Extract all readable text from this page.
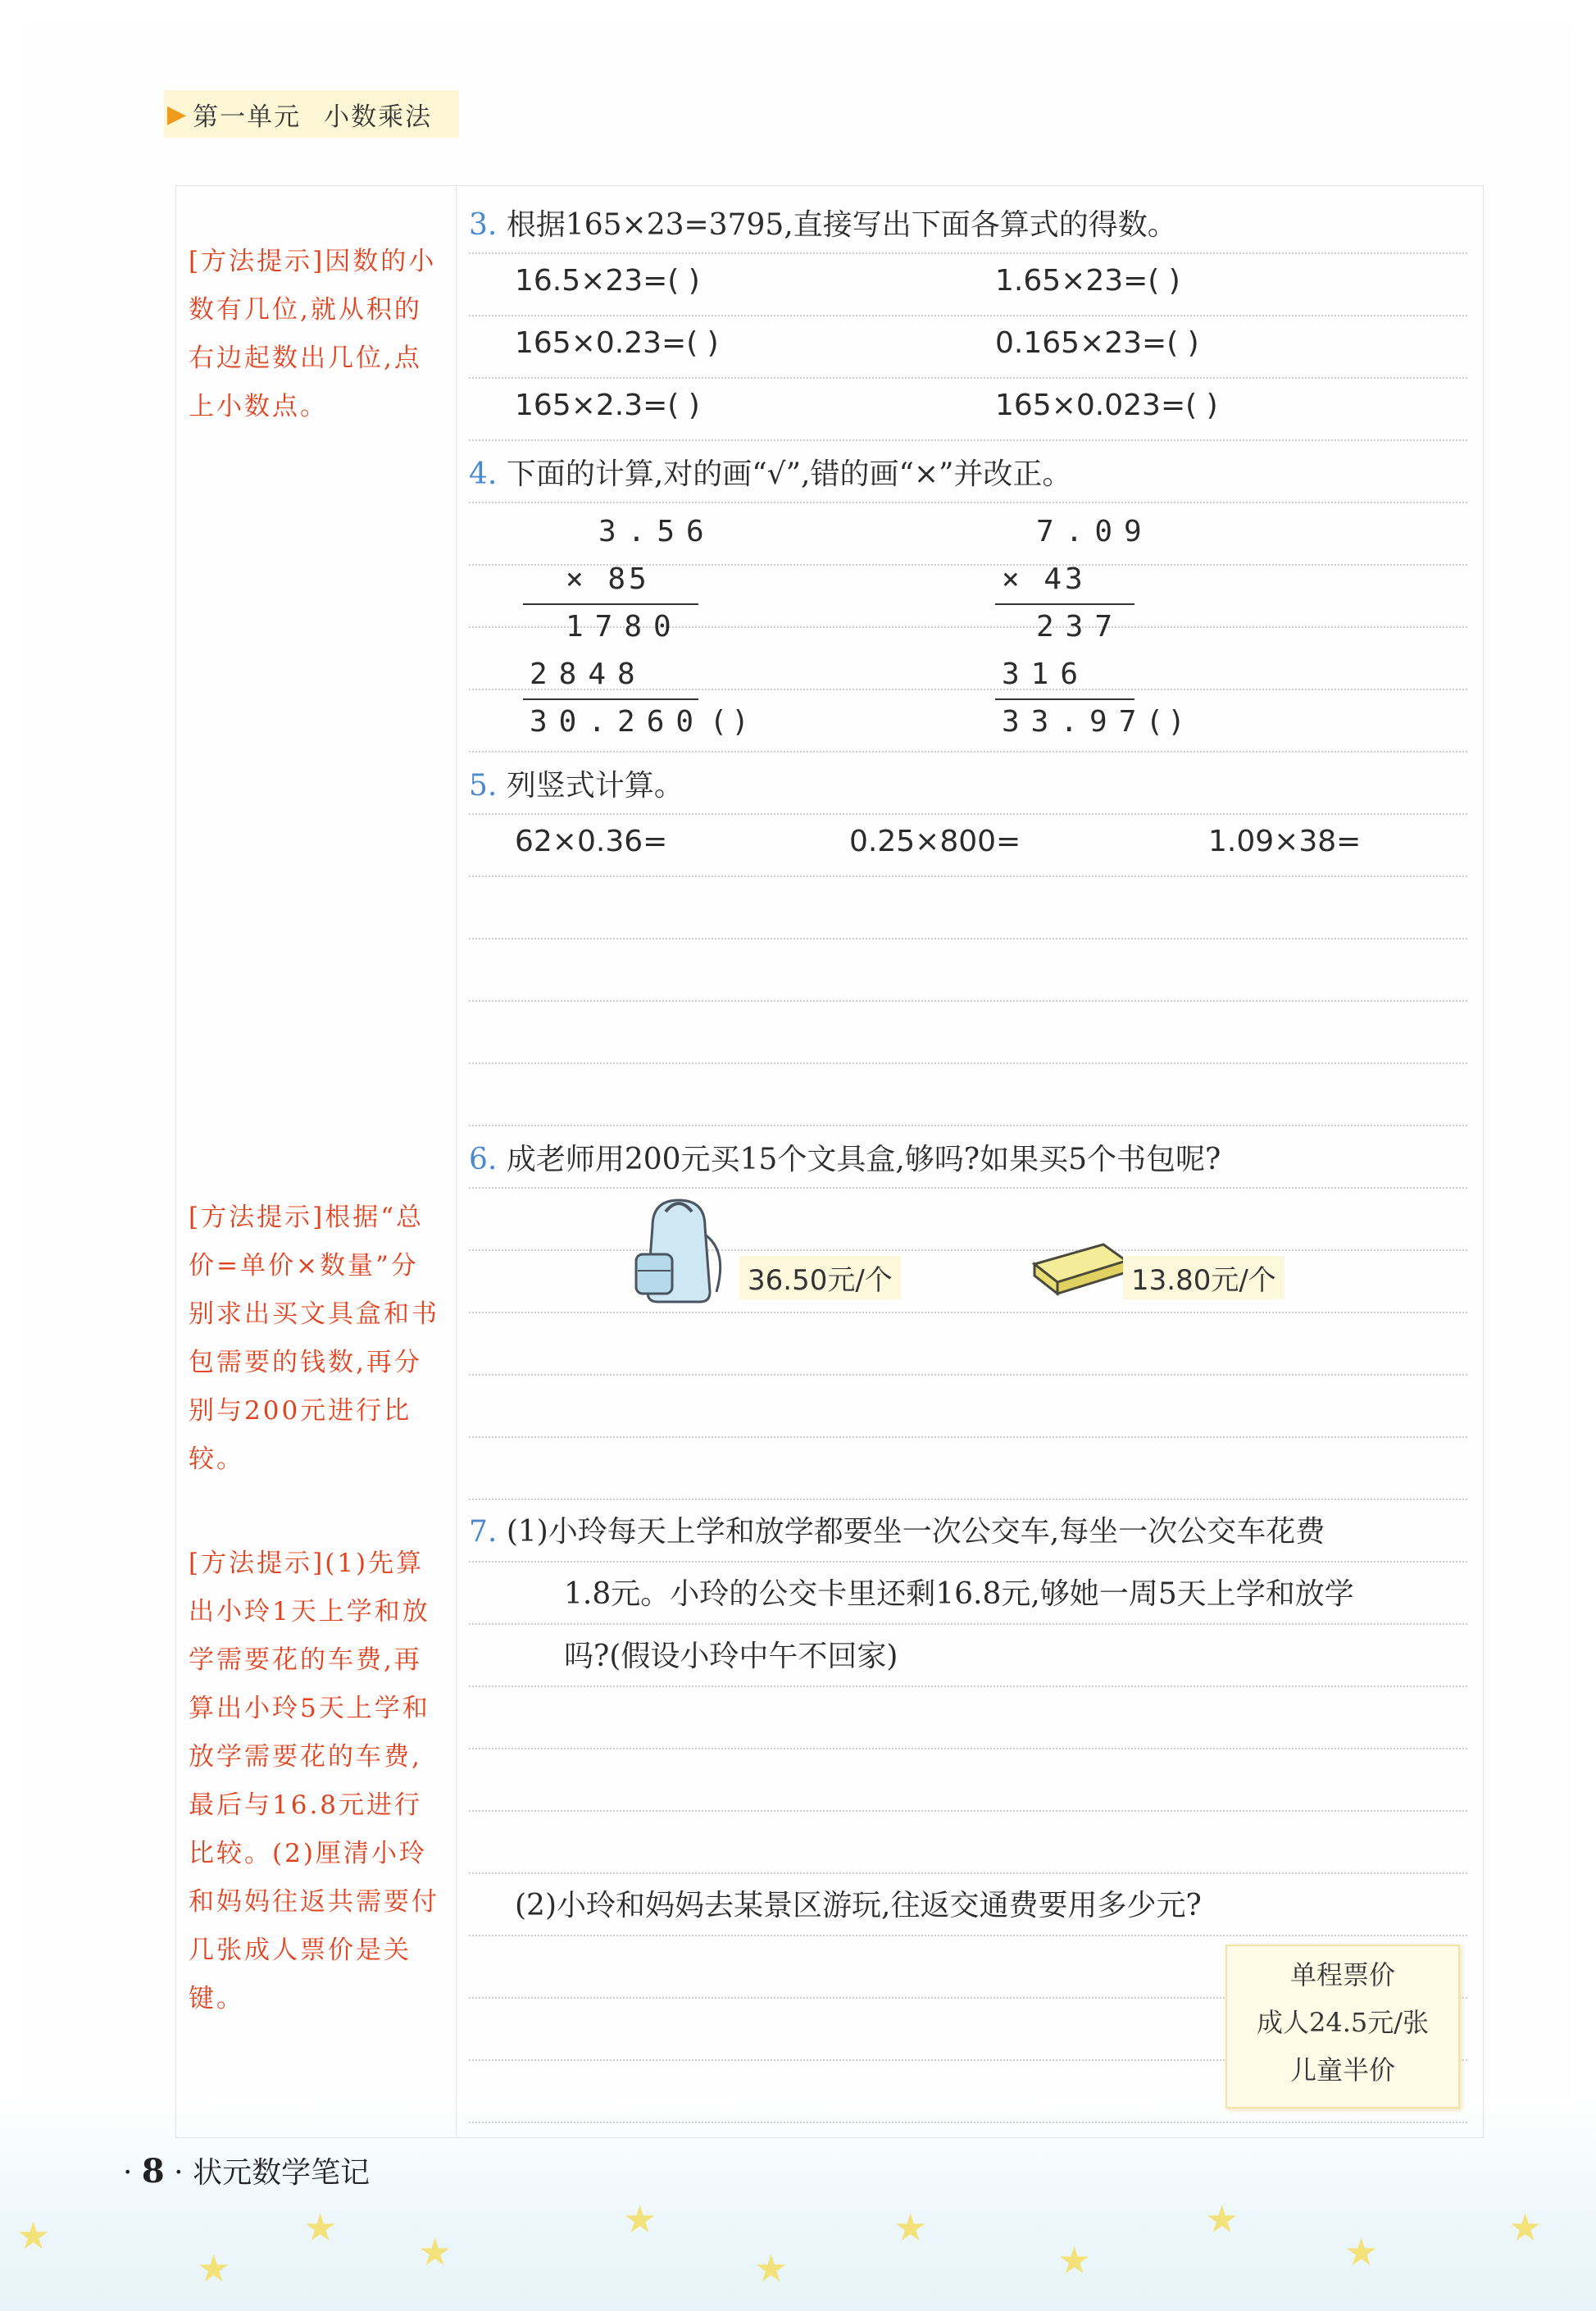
▶ 第一单元 小数乘法
[方法提示]因数的小数有几位,就从积的右边起数出几位,点上小数点。
[方法提示]根据“总价=单价×数量”分别求出买文具盒和书包需要的钱数,再分别与200元进行比较。
[方法提示](1)先算出小玲1天上学和放学需要花的车费,再算出小玲5天上学和放学需要花的车费,最后与16.8元进行比较。(2)厘清小玲和妈妈往返共需要付几张成人票价是关键。
3. 根据165×23=3795,直接写出下面各算式的得数。
16.5×23=( )	1.65×23=( )
165×0.23=( )	0.165×23=( )
165×2.3=( )	165×0.023=( )
4. 下面的计算,对的画“√”,错的画“×”并改正。
3.56
× 85
1780
2848
30.260 ( )
7.09
× 43
237
316
33.97 ( )
5. 列竖式计算。
62×0.36=	0.25×800=	1.09×38=
6. 成老师用200元买15个文具盒,够吗?如果买5个书包呢?
36.50元/个	13.80元/个
7. (1)小玲每天上学和放学都要坐一次公交车,每坐一次公交车花费
1.8元。小玲的公交卡里还剩16.8元,够她一周5天上学和放学
吗?(假设小玲中午不回家)
(2)小玲和妈妈去某景区游玩,往返交通费要用多少元?
单程票价
成人24.5元/张
儿童半价
· 8 · 状元数学笔记
★
★
★
★
★
★
★
★
★
★
★
